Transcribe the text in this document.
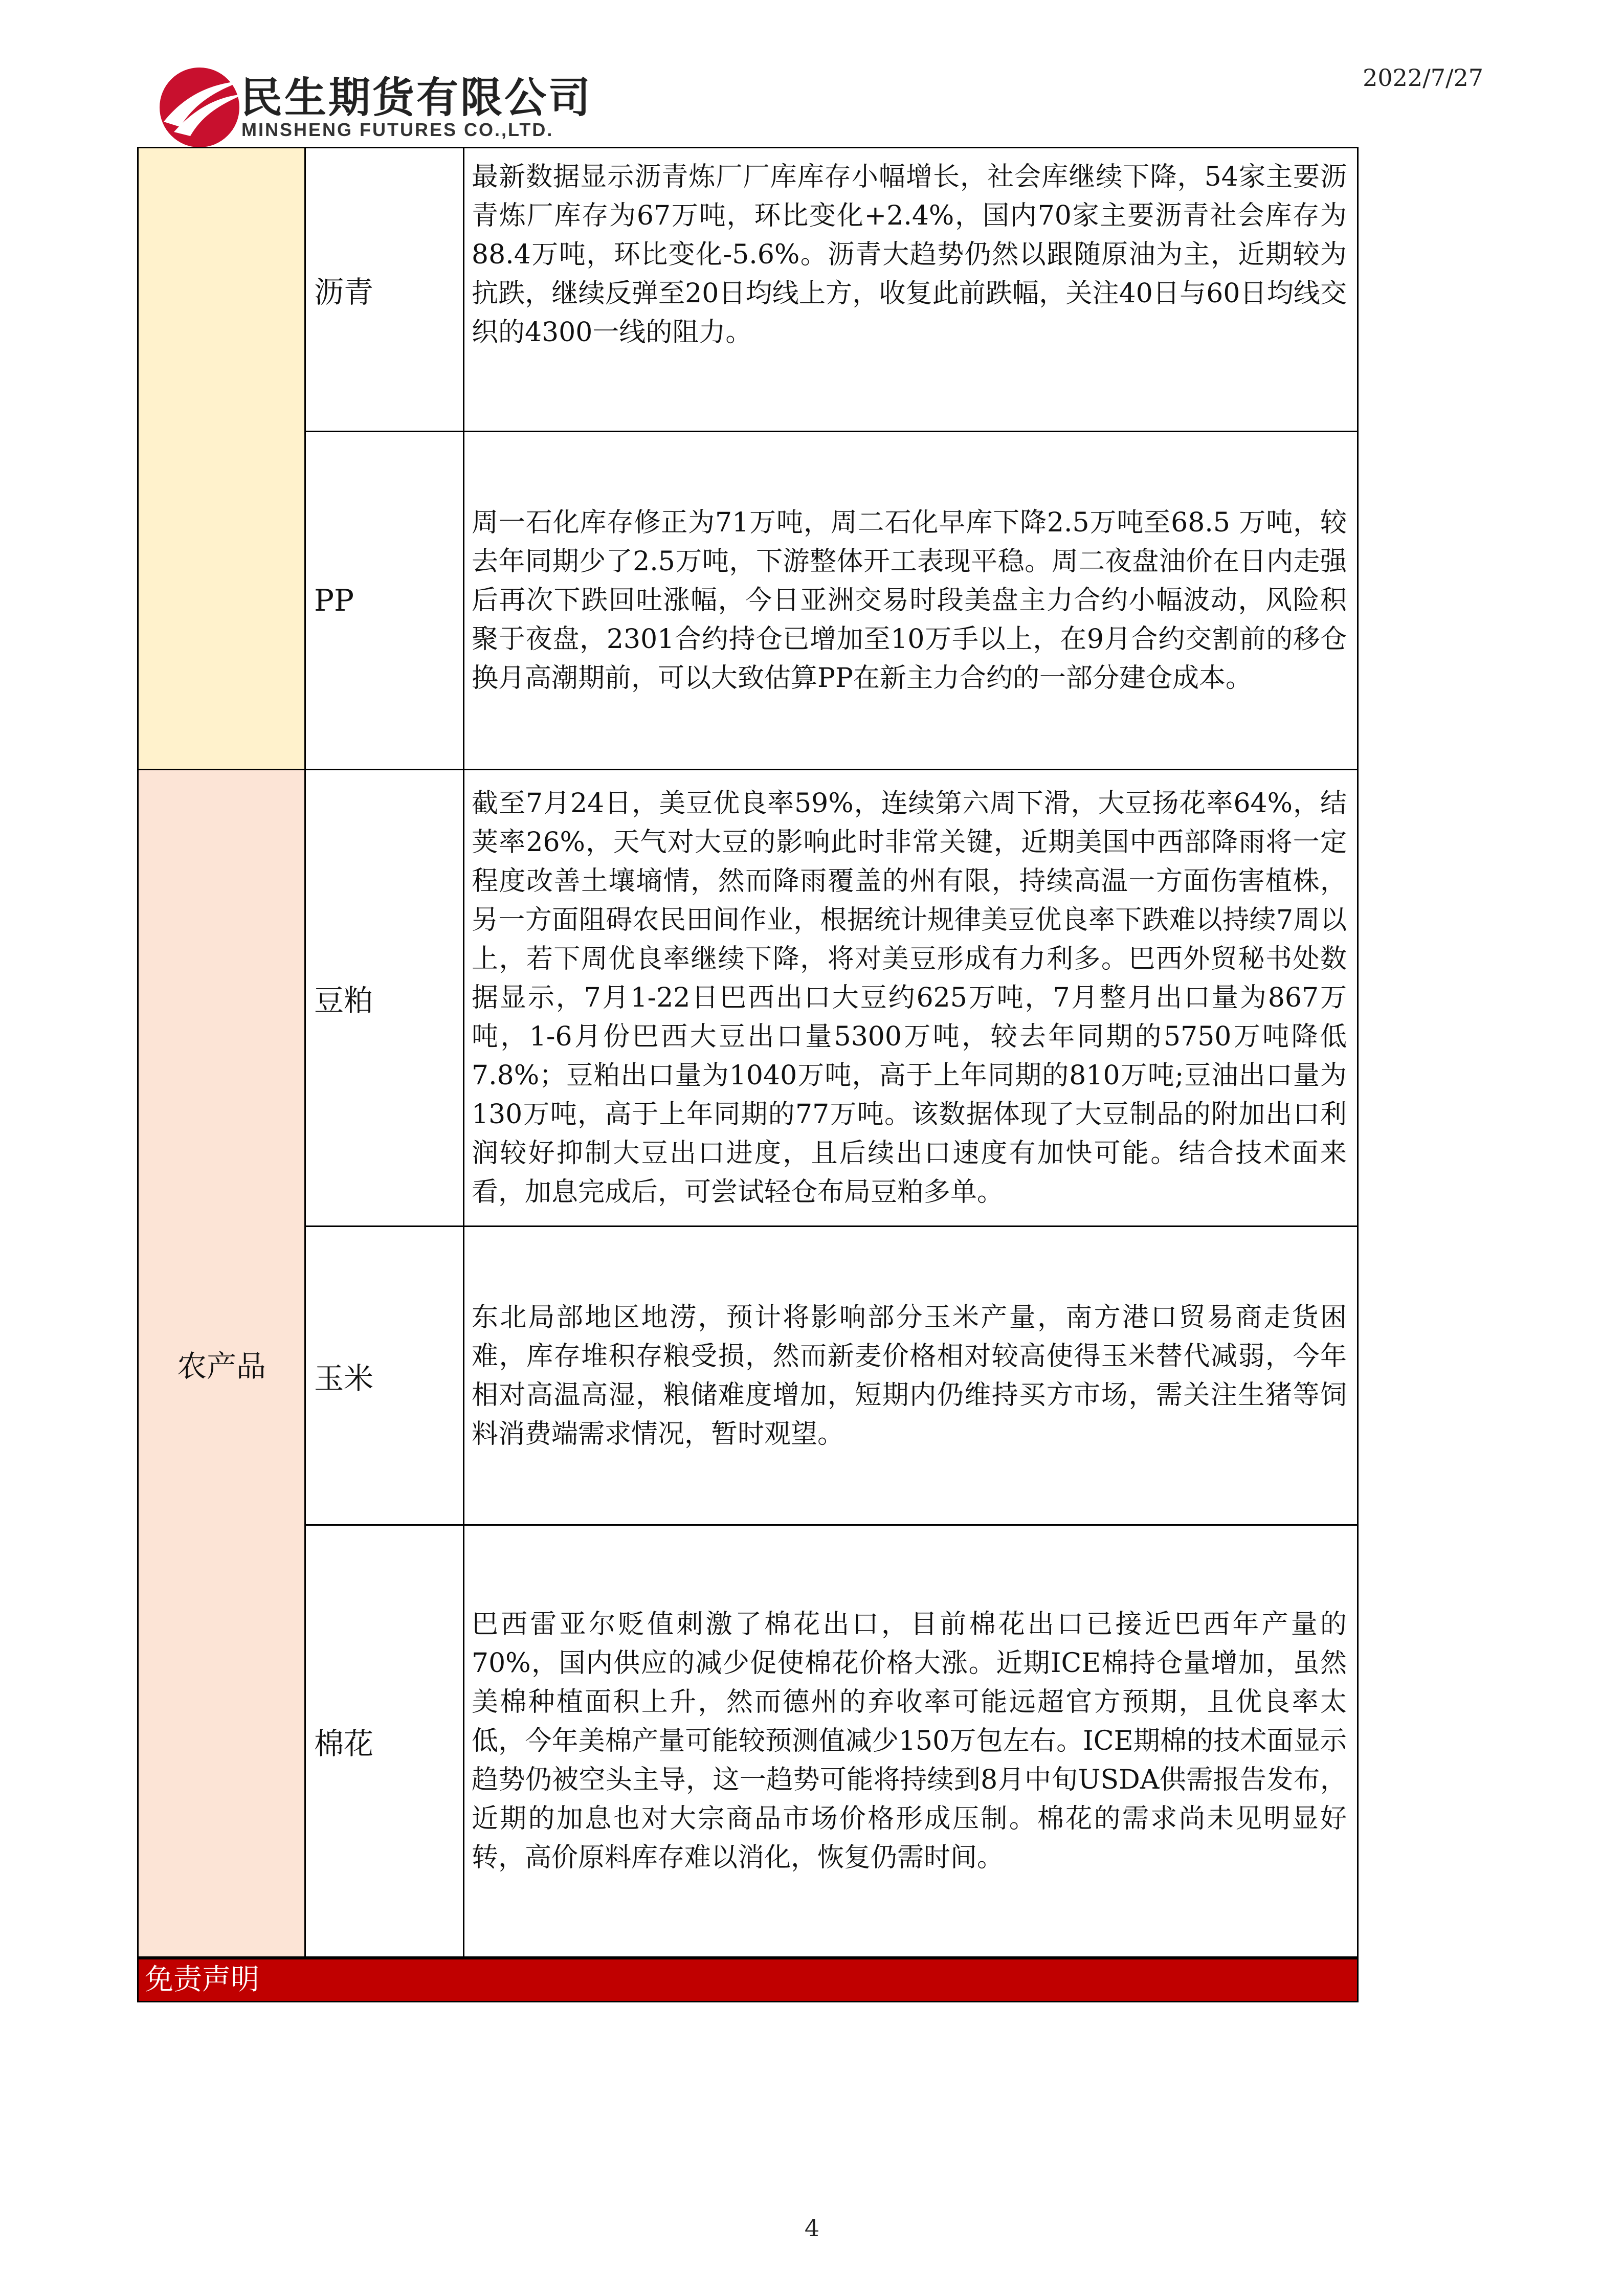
民生期货有限公司
MINSHENG FUTURES CO.,LTD.
2022/7/27
沥青
最新数据显示沥青炼厂厂库库存小幅增长，社会库继续下降，54家主要沥青炼厂库存为67万吨，环比变化+2.4%，国内70家主要沥青社会库存为88.4万吨，环比变化-5.6%。沥青大趋势仍然以跟随原油为主，近期较为抗跌，继续反弹至20日均线上方，收复此前跌幅，关注40日与60日均线交织的4300一线的阻力。
PP
周一石化库存修正为71万吨，周二石化早库下降2.5万吨至68.5 万吨，较去年同期少了2.5万吨，下游整体开工表现平稳。周二夜盘油价在日内走强后再次下跌回吐涨幅，今日亚洲交易时段美盘主力合约小幅波动，风险积聚于夜盘，2301合约持仓已增加至10万手以上，在9月合约交割前的移仓换月高潮期前，可以大致估算PP在新主力合约的一部分建仓成本。
农产品
豆粕
截至7月24日，美豆优良率59%，连续第六周下滑，大豆扬花率64%，结荚率26%，天气对大豆的影响此时非常关键，近期美国中西部降雨将一定程度改善土壤墒情，然而降雨覆盖的州有限，持续高温一方面伤害植株，另一方面阻碍农民田间作业，根据统计规律美豆优良率下跌难以持续7周以上，若下周优良率继续下降，将对美豆形成有力利多。巴西外贸秘书处数据显示，7月1-22日巴西出口大豆约625万吨，7月整月出口量为867万吨，1-6月份巴西大豆出口量5300万吨，较去年同期的5750万吨降低7.8%；豆粕出口量为1040万吨，高于上年同期的810万吨;豆油出口量为130万吨，高于上年同期的77万吨。该数据体现了大豆制品的附加出口利润较好抑制大豆出口进度，且后续出口速度有加快可能。结合技术面来看，加息完成后，可尝试轻仓布局豆粕多单。
玉米
东北局部地区地涝，预计将影响部分玉米产量，南方港口贸易商走货困难，库存堆积存粮受损，然而新麦价格相对较高使得玉米替代减弱，今年相对高温高湿，粮储难度增加，短期内仍维持买方市场，需关注生猪等饲料消费端需求情况，暂时观望。
棉花
巴西雷亚尔贬值刺激了棉花出口，目前棉花出口已接近巴西年产量的70%，国内供应的减少促使棉花价格大涨。近期ICE棉持仓量增加，虽然美棉种植面积上升，然而德州的弃收率可能远超官方预期，且优良率太低，今年美棉产量可能较预测值减少150万包左右。ICE期棉的技术面显示趋势仍被空头主导，这一趋势可能将持续到8月中旬USDA供需报告发布，近期的加息也对大宗商品市场价格形成压制。棉花的需求尚未见明显好转，高价原料库存难以消化，恢复仍需时间。
免责声明
4
